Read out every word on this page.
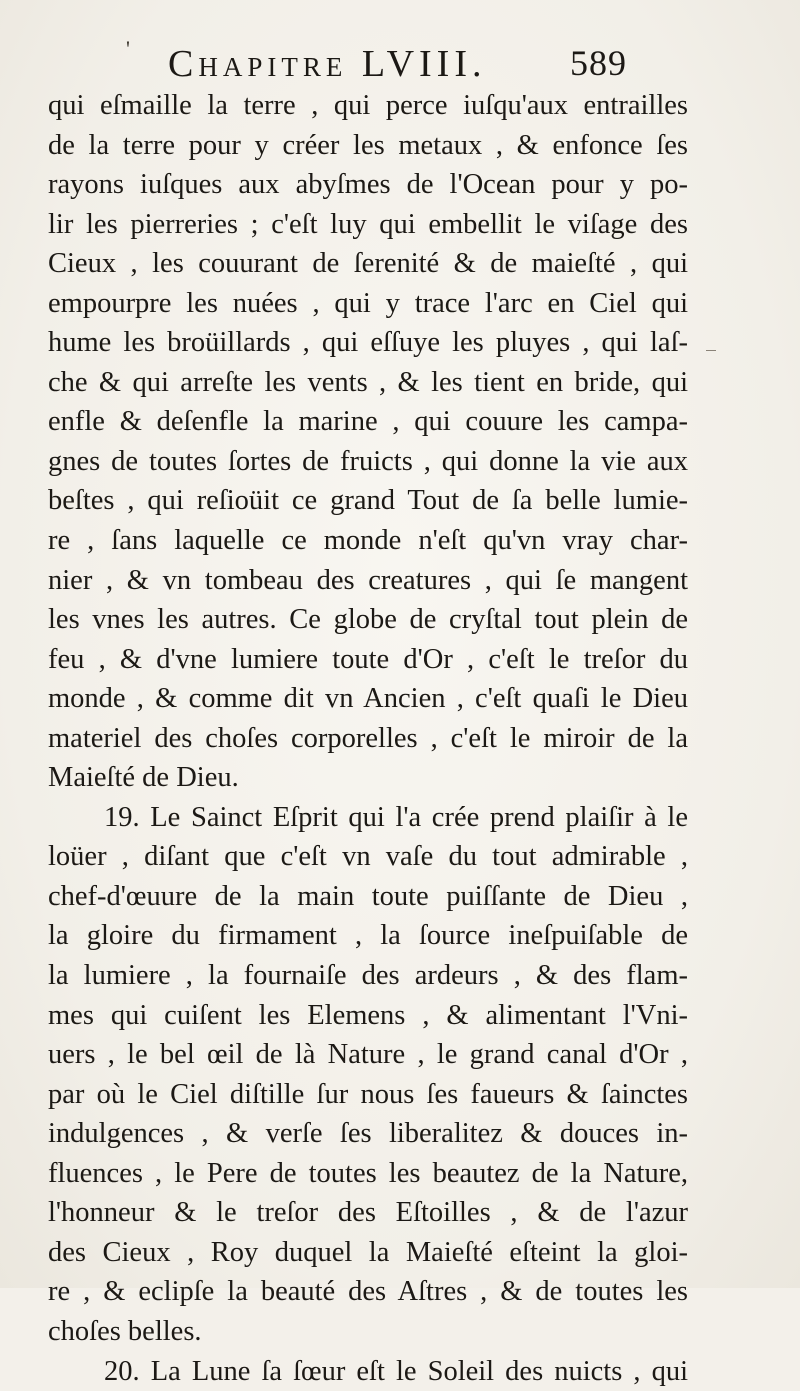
' Chapitre LVIII. 589
qui eſmaille la terre , qui perce iuſqu'aux entrailles
de la terre pour y créer les metaux , & enfonce ſes
rayons iuſques aux abyſmes de l'Ocean pour y po-
lir les pierreries ; c'eſt luy qui embellit le viſage des
Cieux , les couurant de ſerenité & de maieſté , qui
empourpre les nuées , qui y trace l'arc en Ciel qui
hume les broüillards , qui eſſuye les pluyes , qui laſ-
che & qui arreſte les vents , & les tient en bride, qui
enfle & deſenfle la marine , qui couure les campa-
gnes de toutes ſortes de fruicts , qui donne la vie aux
beſtes , qui reſioüit ce grand Tout de ſa belle lumie-
re , ſans laquelle ce monde n'eſt qu'vn vray char-
nier , & vn tombeau des creatures , qui ſe mangent
les vnes les autres. Ce globe de cryſtal tout plein de
feu , & d'vne lumiere toute d'Or , c'eſt le treſor du
monde , & comme dit vn Ancien , c'eſt quaſi le Dieu
materiel des choſes corporelles , c'eſt le miroir de la
Maieſté de Dieu.
19. Le Sainct Eſprit qui l'a crée prend plaiſir à le
loüer , diſant que c'eſt vn vaſe du tout admirable ,
chef-d'œuure de la main toute puiſſante de Dieu ,
la gloire du firmament , la ſource ineſpuiſable de
la lumiere , la fournaiſe des ardeurs , & des flam-
mes qui cuiſent les Elemens , & alimentant l'Vni-
uers , le bel œil de là Nature , le grand canal d'Or ,
par où le Ciel diſtille ſur nous ſes faueurs & ſainctes
indulgences , & verſe ſes liberalitez & douces in-
fluences , le Pere de toutes les beautez de la Nature,
l'honneur & le treſor des Eſtoilles , & de l'azur
des Cieux , Roy duquel la Maieſté eſteint la gloi-
re , & eclipſe la beauté des Aſtres , & de toutes les
choſes belles.
20. La Lune ſa ſœur eſt le Soleil des nuicts , qui
